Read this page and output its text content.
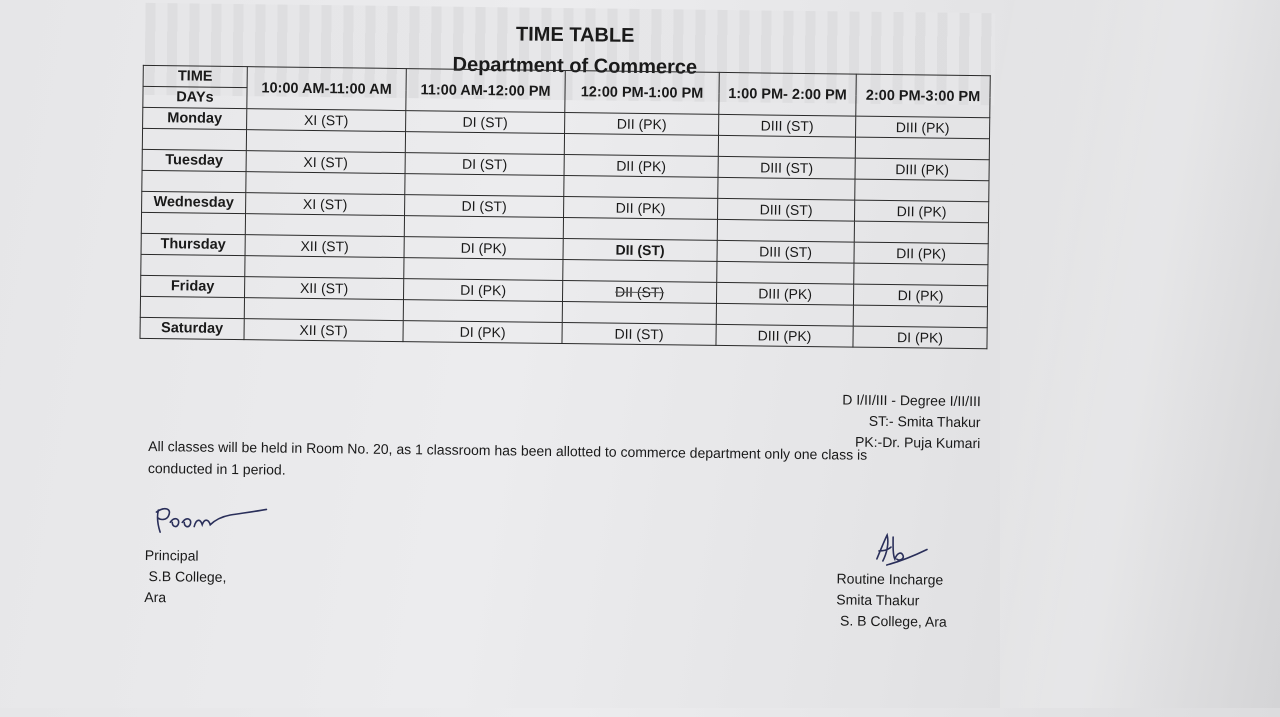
TIME TABLE
Department of Commerce
TIME	10:00 AM-11:00 AM	11:00 AM-12:00 PM	12:00 PM-1:00 PM	1:00 PM- 2:00 PM	2:00 PM-3:00 PM
DAYs					
Monday	XI (ST)	DI (ST)	DII (PK)	DIII (ST)	DIII (PK)

Tuesday	XI (ST)	DI (ST)	DII (PK)	DIII (ST)	DIII (PK)

Wednesday	XI (ST)	DI (ST)	DII (PK)	DIII (ST)	DII (PK)

Thursday	XII (ST)	DI (PK)	DII (ST)	DIII (ST)	DII (PK)

Friday	XII (ST)	DI (PK)	DII (ST)	DIII (PK)	DI (PK)

Saturday	XII (ST)	DI (PK)	DII (ST)	DIII (PK)	DI (PK)
D I/II/III - Degree I/II/III
ST:- Smita Thakur
PK:-Dr. Puja Kumari
All classes will be held in Room No. 20, as 1 classroom has been allotted to commerce department only one class is
conducted in 1 period.
Principal
S.B College,
Ara
Routine Incharge
Smita Thakur
S. B College, Ara
